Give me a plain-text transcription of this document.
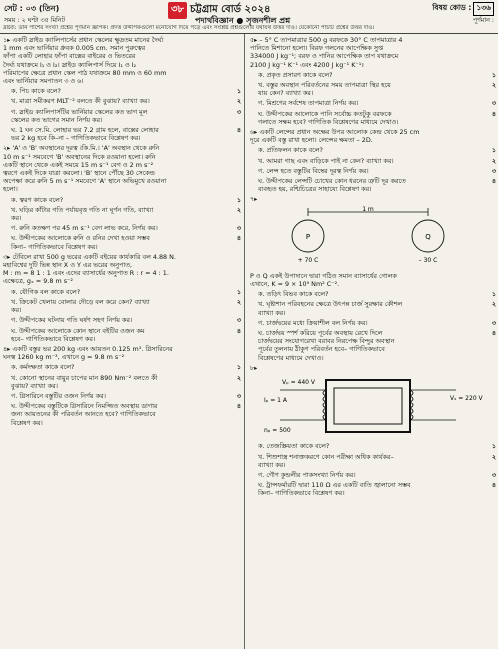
সেট : ০৩ (তিন)
সময় : ২ ঘণ্টা ৩৫ মিনিট
৩৮ চট্টগ্রাম বোর্ড ২০২৪
পদার্থবিজ্ঞান ● সৃজনশীল প্রশ্ন
বিষয় কোড : ১৩৬
পূর্ণমান :
দ্রষ্টব্য: ডান পাশের সংখ্যা প্রশ্নের পূর্ণমান জ্ঞাপক। প্রদত্ত উদ্দীপকগুলো মনোযোগ দিয়ে পড়ে এবং সংশ্লিষ্ট প্রশ্নগুলোর যথাযথ উত্তর দাও। যেকোনো পাঁচটি প্রশ্নের উত্তর দাও।
১▸ একটি স্লাইড ক্যালিপার্সের প্রধান স্কেলের ক্ষুদ্রতম মানের দৈর্ঘ্য
1 mm এবং ভার্নিয়ার ধ্রুবক 0.005 cm. সমান পুরুত্বের
ফাঁপা একটি লোহার ফাঁপা বাক্সের বাইরের ও ভিতরের
দৈর্ঘ্য যথাক্রমে l₁ ও l₂। স্লাইড ক্যালিপার্স দিয়ে l₁ ও l₂
পরিমাপের ক্ষেত্রে প্রধান স্কেল পাঠ যথাক্রমে 80 mm ও 60 mm
এবং ভার্নিয়ার সমপাতন ৩ ও ৬।
১
ক. পিচ কাকে বলে?
২
খ. মাত্রা সমীকরণ MLT⁻² বলতে কী বুঝায়? ব্যাখ্যা কর।
৩
গ. স্লাইড ক্যালিপার্সটির ভার্নিয়ার স্কেলের কত ভাগ মূল
স্কেলের কত ভাগের সমান নির্ণয় কর।
৪
ঘ. 1 ঘন সে.মি. লোহার ভর 7.2 গ্রাম হলে, বাক্সের লোহার
ভর 2 kg হবে কি–না – গাণিতিকভাবে বিশ্লেষণ কর।
২▸ 'A' ও 'B' অবস্থানের দূরত্ব ।কি.মি.। 'A' অবস্থান থেকে রুনি
10 m s⁻¹ সমবেগে 'B' অবস্থানের দিকে রওয়ানা হলো। রুনি
একটি স্থানে থেকে একই সময়ে 15 m s⁻¹ বেগ ও 2 m s⁻²
ত্বরণে একই দিকে যাত্রা করলো। 'B' স্থানে পৌঁছে 30 সেকেন্ড
অপেক্ষা করে রুনি 5 m s⁻¹ সমবেগে 'A' স্থানে অভিমুখে রওয়ানা
হলো।
১
ক. ত্বরণ কাকে বলে?
২
খ. ঘড়ির কাঁটার গতি পর্যায়বৃত্ত গতি না ঘূর্ণন গতি, ব্যাখ্যা
কর।
৩
গ. রুনি কতক্ষণ পর 45 m s⁻¹ বেগ লাভ করে, নির্ণয় কর।
৪
ঘ. উদ্দীপকের আলোকে রুনি ও রনির দেখা হওয়া সম্ভব
কিনা– গাণিতিকভাবে বিশ্লেষণ কর।
৩▸ টেবিলে রাখা 500 g ভরের একটি বইয়ের কার্যকারি বল 4.88 N.
মহাবিশ্বের দুটি ভিন্ন স্থান X ও Y এর ভরের অনুপাত,
M : m = 8 1 : 1 এবং এদের ব্যাসার্ধের অনুপাত R : r = 4 : 1.
এক্ষেত্রে, gₓ = 9.8 m s⁻²
১
ক. যৌগিক বল কাকে বলে?
২
খ. ক্রিকেট খেলায় বোলার দৌড়ে বল করে কেন? ব্যাখ্যা
কর।
৩
গ. উদ্দীপকের ঘটনায় গতি ঘর্ষণ সহগ নির্ণয় কর।
৪
ঘ. উদ্দীপকের আলোকে কোন স্থানে বইটির ওজন কম
হবে– গাণিতিকভাবে বিশ্লেষণ কর।
৪▸ একটি বস্তুর ভর 200 kg এবং আয়তন 0.125 m³. গ্লিসারিনের
ঘনত্ব 1260 kg m⁻³, এখানে g = 9.8 m s⁻²
১
ক. কর্মদক্ষতা কাকে বলে?
২
খ. কোনো স্থানের বায়ুর চাপের মান 890 Nm⁻² বলতে কী
বুঝায়? ব্যাখ্যা কর।
৩
গ. গ্লিসারিনে বস্তুটির ওজন নির্ণয় কর।
৪
ঘ. উদ্দীপকের বস্তুটিকে গ্লিসারিনে নিমজ্জিত অবস্থায় ডাগার
জন্য আয়তনের কী পরিবর্তন আনতে হবে? গাণিতিকভাবে
বিশ্লেষণ কর।
৫▸ – 5° C তাপমাত্রার 500 g বরফকে 30° C তাপমাত্রার 4
পানিতে মিশানো হলো। বিরফ গলনের আপেক্ষিক সুপ্ত
334000 J kg⁻¹; বরফ ও পানির আপেক্ষিক তাপ যথাক্রমে
2100 J kg⁻¹ K⁻¹ এবং 4200 J kg⁻¹ K⁻¹।
১
ক. প্রকৃত প্রসারণ কাকে বলে?
২
খ. বস্তুর অবস্থান পরিবর্তনের সময় তাপমাত্রা স্থির হয়ে
যায় কেন? ব্যাখ্যা কর।
৩
গ. মিশ্রণের সর্বশেষ তাপমাত্রা নির্ণয় কর।
৪
ঘ. উদ্দীপকের আলোকে পানি সর্বোচ্চ কতটুকু বরফকে
গলাতে সক্ষম হবে? গাণিতিক বিশ্লেষণের মাধ্যমে দেখাও।
৬▸ একটি লেন্সের প্রধান অক্ষের উপর আলোক কেন্দ্র থেকে 25 cm
দূরে একটি বস্তু রাখা হলো। লেন্সের ক্ষমতা – 2D.
১
ক. প্রতিফলন কাকে বলে?
২
খ. আমরা গাছ এবং বাড়িকে পাই না কেন? ব্যাখ্যা কর।
৩
গ. লেন্স হতে বস্তুটির বিম্বের দূরত্ব নির্ণয় কর।
৪
ঘ. উদ্দীপকের লেন্সটি চোখের কোন ধরনের ত্রুটি দূর করতে
ব্যবহৃত হয়, রশ্মিচিত্রের সাহায্যে বিশ্লেষণ কর।
৭▸
1 m
P	Q
+ 70 C	– 30 C
P ও Q একই উপাদানে দ্বারা গঠিত সমান ব্যাসার্ধের গোলক
এখানে, K = 9 × 10⁹ Nm² C⁻².
১
ক. তড়িৎ বিভব কাকে বলে?
২
খ. ঘৃষ্টাশান পরিবহনের ক্ষেত্রে উৎপন্ন চার্জ সুরক্ষার কৌশল
ব্যাখ্যা কর।
৩
গ. চার্জদ্বয়ের মধ্যে ক্রিয়াশীল বল নির্ণয় কর।
৪
ঘ. চার্জদ্বয় স্পর্শ করিয়ে পূর্বের অবস্থায় রেখে দিলে
চার্জদ্বয়ের সংযোগরেখা বরাবর নিরপেক্ষ বিন্দুর অবস্থান
পূর্বের তুলনায় ঠীকুণ পরিবর্তন হবে– গাণিতিকভাবে
বিশ্লেষণের মাধ্যমে দেখাও।
৮▸
Vₚ = 440 V
Iₚ = 1 A
nₚ = 500
Vₛ = 220 V
১
ক. তেজস্ক্রিয়তা কাকে বলে?
২
খ. শিশুশাস্ত্র শনাক্তকরণে কোন পরীক্ষা অধিক কার্যকর–
ব্যাখ্যা কর।
৩
গ. গৌণ কুন্ডলীর পাকসংখ্যা নির্ণয় কর।
৪
ঘ. ট্রান্সফর্মারটি দ্বারা 110 Ω এর একটি বাতি জ্বালানো সম্ভব
কিনা– গাণিতিকভাবে বিশ্লেষণ কর।
